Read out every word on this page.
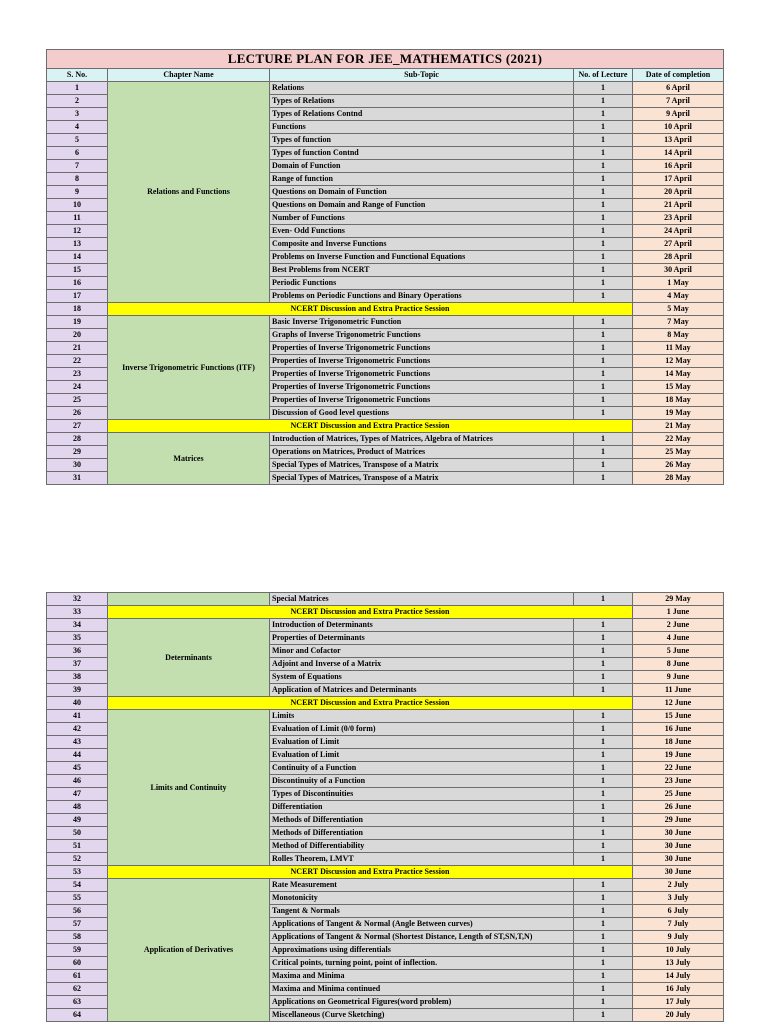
LECTURE PLAN FOR JEE_MATHEMATICS (2021)				
S. No.	Chapter Name	Sub-Topic	No. of Lecture	Date of completion
1	Relations and Functions	Relations	1	6 April
2		Types of Relations	1	7 April
3		Types of Relations Contnd	1	9 April
4		Functions	1	10 April
5		Types of function	1	13 April
6		Types of function Contnd	1	14 April
7		Domain of Function	1	16 April
8		Range of function	1	17 April
9		Questions on Domain of Function	1	20 April
10		Questions on Domain and Range of Function	1	21 April
11		Number of Functions	1	23 April
12		Even- Odd Functions	1	24 April
13		Composite and Inverse Functions	1	27 April
14		Problems on Inverse Function and Functional Equations	1	28 April
15		Best Problems from NCERT	1	30 April
16		Periodic Functions	1	1 May
17		Problems on Periodic Functions and Binary Operations	1	4 May
18	NCERT Discussion and Extra Practice Session			5 May
19	Inverse Trigonometric Functions (ITF)	Basic Inverse Trigonometric Function	1	7 May
20		Graphs of Inverse Trigonometric Functions	1	8 May
21		Properties of Inverse Trigonometric Functions	1	11 May
22		Properties of Inverse Trigonometric Functions	1	12 May
23		Properties of Inverse Trigonometric Functions	1	14 May
24		Properties of Inverse Trigonometric Functions	1	15 May
25		Properties of Inverse Trigonometric Functions	1	18 May
26		Discussion of Good level questions	1	19 May
27	NCERT Discussion and Extra Practice Session			21 May
28	Matrices	Introduction of Matrices, Types of Matrices, Algebra of Matrices	1	22 May
29		Operations on Matrices, Product of Matrices	1	25 May
30		Special Types of Matrices, Transpose of a Matrix	1	26 May
31		Special Types of Matrices, Transpose of a Matrix	1	28 May
32		Special Matrices	1	29 May
33	NCERT Discussion and Extra Practice Session			1 June
34	Determinants	Introduction of Determinants	1	2 June
35		Properties of Determinants	1	4 June
36		Minor and Cofactor	1	5 June
37		Adjoint and Inverse of a Matrix	1	8 June
38		System of Equations	1	9 June
39		Application of Matrices and Determinants	1	11 June
40	NCERT Discussion and Extra Practice Session			12 June
41	Limits and Continuity	Limits	1	15 June
42		Evaluation of Limit (0/0 form)	1	16 June
43		Evaluation of Limit	1	18 June
44		Evaluation of Limit	1	19 June
45		Continuity of a Function	1	22 June
46		Discontinuity of a Function	1	23 June
47		Types of Discontinuities	1	25 June
48		Differentiation	1	26 June
49		Methods of Differentiation	1	29 June
50		Methods of Differentiation	1	30 June
51		Method of Differentiability	1	30 June
52		Rolles Theorem, LMVT	1	30 June
53	NCERT Discussion and Extra Practice Session			30 June
54	Application of Derivatives	Rate Measurement	1	2 July
55		Monotonicity	1	3 July
56		Tangent & Normals	1	6 July
57		Applications of Tangent & Normal (Angle Between curves)	1	7 July
58		Applications of Tangent & Normal (Shortest Distance, Length of ST,SN,T,N)	1	9 July
59		Approximations using differentials	1	10 July
60		Critical points, turning point, point of inflection.	1	13 July
61		Maxima and Minima	1	14 July
62		Maxima and Minima continued	1	16 July
63		Applications on Geometrical Figures(word problem)	1	17 July
64		Miscellaneous (Curve Sketching)	1	20 July
